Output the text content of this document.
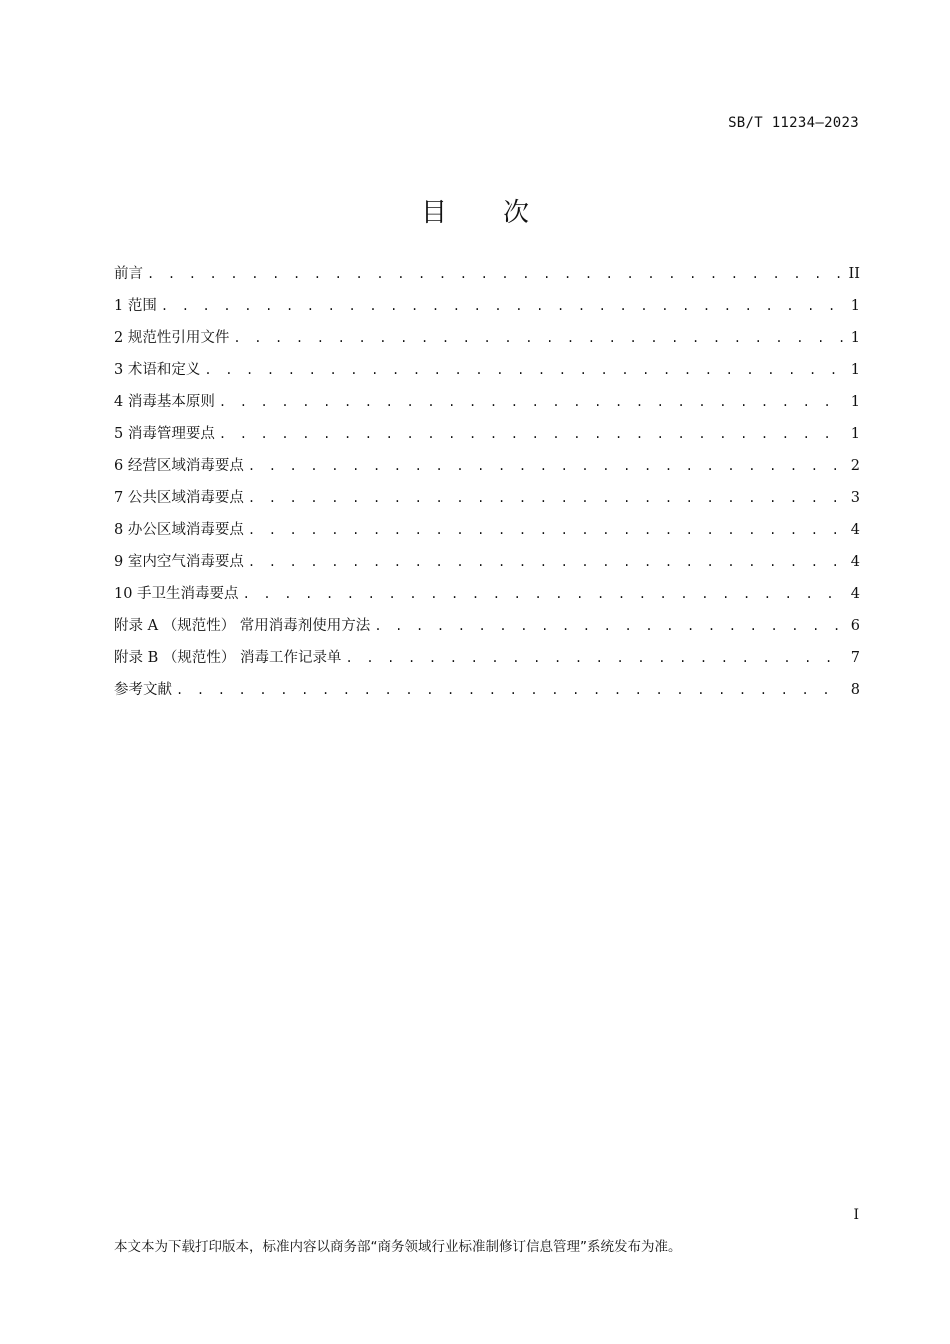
SB/T 11234—2023
目 次
前言 . . .	II
1 范围 . . .	1
2 规范性引用文件 . . .	1
3 术语和定义 . . .	1
4 消毒基本原则 . . .	1
5 消毒管理要点 . . .	1
6 经营区域消毒要点 . . .	2
7 公共区域消毒要点 . . .	3
8 办公区域消毒要点 . . .	4
9 室内空气消毒要点 . . .	4
10 手卫生消毒要点 . . .	4
附录 A （规范性） 常用消毒剂使用方法 . . .	6
附录 B （规范性） 消毒工作记录单 . . .	7
参考文献 . . .	8
I
本文本为下载打印版本，标准内容以商务部“商务领域行业标准制修订信息管理”系统发布为准。
